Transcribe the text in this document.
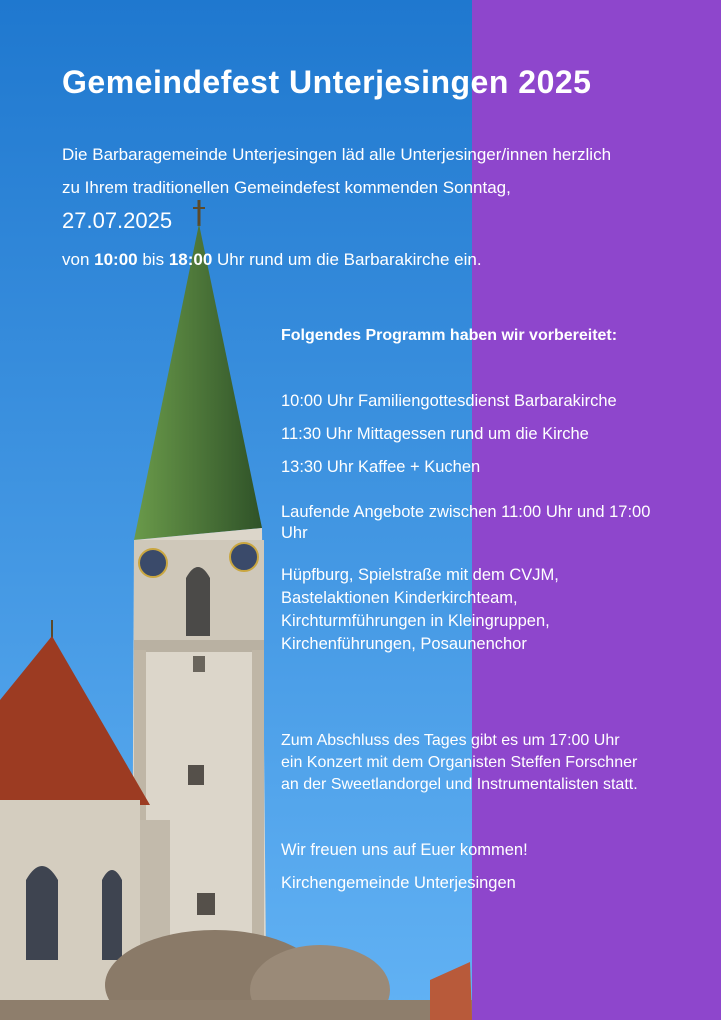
Gemeindefest Unterjesingen 2025

Die Barbaragemeinde Unterjesingen läd alle Unterjesinger/innen herzlich

zu Ihrem traditionellen Gemeindefest kommenden Sonntag,

27.07.2025

von 10:00 bis 18:00 Uhr rund um die Barbarakirche ein.

Folgendes Programm haben wir vorbereitet:

10:00 Uhr Familiengottesdienst Barbarakirche

11:30 Uhr Mittagessen rund um die Kirche

13:30 Uhr Kaffee + Kuchen

Laufende Angebote zwischen 11:00 Uhr und 17:00 Uhr

Hüpfburg, Spielstraße mit dem CVJM,
Bastelaktionen Kinderkirchteam,
Kirchturmführungen in Kleingruppen,
Kirchenführungen, Posaunenchor
Zum Abschluss des Tages gibt es um 17:00 Uhr
ein Konzert mit dem Organisten Steffen Forschner
an der Sweetlandorgel und Instrumentalisten statt.

Wir freuen uns auf Euer kommen!

Kirchengemeinde Unterjesingen
